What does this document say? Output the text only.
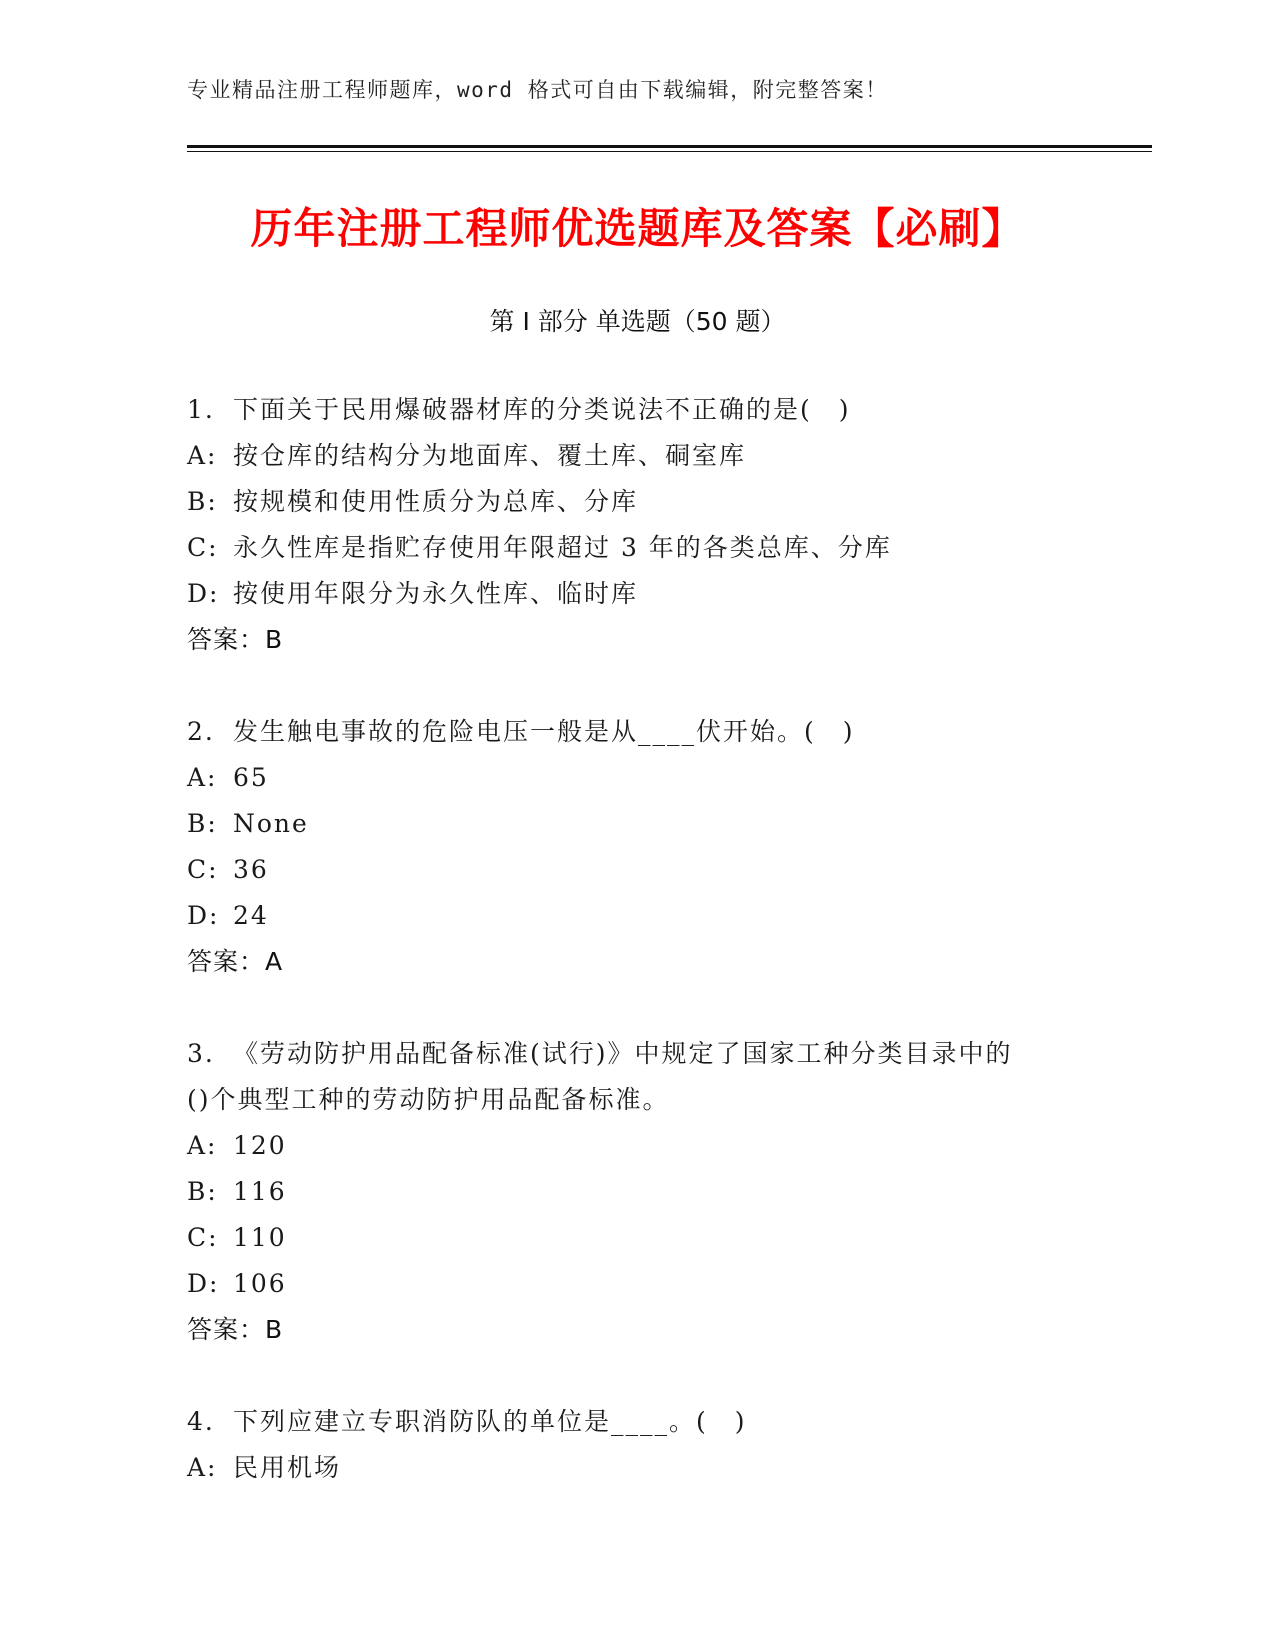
专业精品注册工程师题库，word 格式可自由下载编辑，附完整答案！
历年注册工程师优选题库及答案【必刷】
第 I 部分 单选题（50 题）
1. 下面关于民用爆破器材库的分类说法不正确的是(　)
A: 按仓库的结构分为地面库、覆土库、硐室库
B: 按规模和使用性质分为总库、分库
C: 永久性库是指贮存使用年限超过 3 年的各类总库、分库
D: 按使用年限分为永久性库、临时库
答案：B
2. 发生触电事故的危险电压一般是从____伏开始。(　)
A: 65
B: None
C: 36
D: 24
答案：A
3. 《劳动防护用品配备标准(试行)》中规定了国家工种分类目录中的
()个典型工种的劳动防护用品配备标准。
A: 120
B: 116
C: 110
D: 106
答案：B
4. 下列应建立专职消防队的单位是____。(　)
A: 民用机场
